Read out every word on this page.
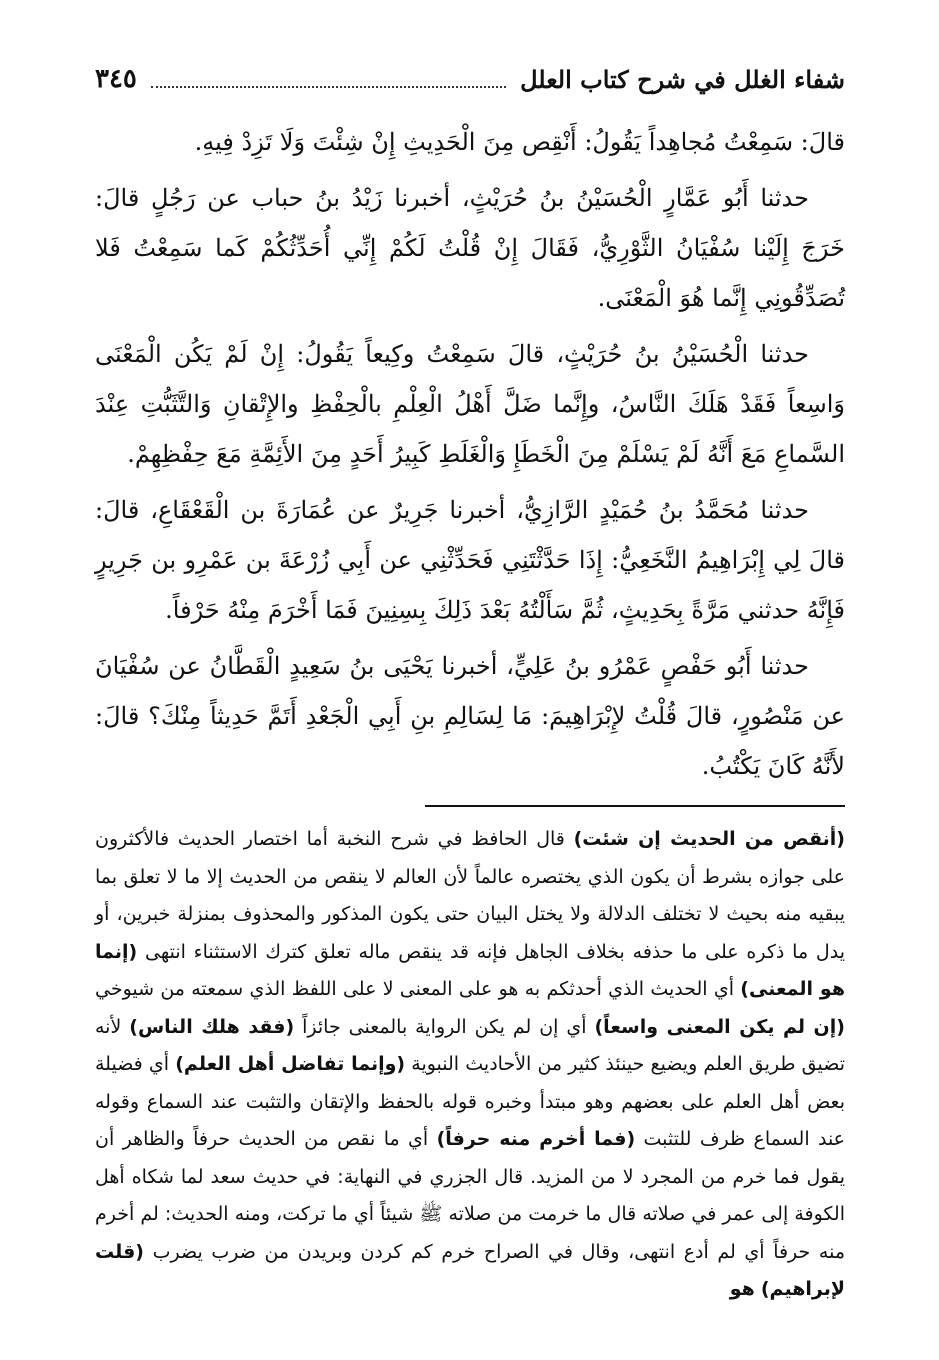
شفاء الغلل في شرح كتاب العلل
٣٤٥

قالَ: سَمِعْتُ مُجاهِداً يَقُولُ: أَنْقِص مِنَ الْحَدِيثِ إِنْ شِئْتَ وَلَا تَزِدْ فِيهِ.

حدثنا أَبُو عَمَّارٍ الْحُسَيْنُ بنُ حُرَيْثٍ، أخبرنا زَيْدُ بنُ حباب عن رَجُلٍ قالَ: خَرَجَ إِلَيْنا سُفْيَانُ الثَّوْرِيُّ، فَقَالَ إِنْ قُلْتُ لَكُمْ إِنِّي أُحَدِّثُكُمْ كَما سَمِعْتُ فَلا تُصَدِّقُونِي إِنَّما هُوَ الْمَعْنَى.

حدثنا الْحُسَيْنُ بنُ حُرَيْثٍ، قالَ سَمِعْتُ وكِيعاً يَقُولُ: إِنْ لَمْ يَكُن الْمَعْنَى وَاسِعاً فَقَدْ هَلَكَ النَّاسُ، وإِنَّما ضَلَّ أَهْلُ الْعِلْمِ بالْحِفْظِ والإِتْقانِ وَالتَّثَبُّتِ عِنْدَ السَّماعِ مَعَ أَنَّهُ لَمْ يَسْلَمْ مِنَ الْخَطَإِ وَالْغَلَطِ كَبِيرُ أَحَدٍ مِنَ الأَئِمَّةِ مَعَ حِفْظِهِمْ.

حدثنا مُحَمَّدُ بنُ حُمَيْدٍ الرَّازِيُّ، أخبرنا جَرِيرٌ عن عُمَارَةَ بن الْقَعْقَاعِ، قالَ: قالَ لِي إِبْرَاهِيمُ النَّخَعِيُّ: إِذَا حَدَّثْتَنِي فَحَدِّثْنِي عن أَبِي زُرْعَةَ بن عَمْرِو بن جَرِيرٍ فَإِنَّهُ حدثني مَرَّةً بِحَدِيثٍ، ثُمَّ سَأَلْتُهُ بَعْدَ ذَلِكَ بِسِنِينَ فَمَا أَخْرَمَ مِنْهُ حَرْفاً.

حدثنا أَبُو حَفْصٍ عَمْرُو بنُ عَلِيٍّ، أخبرنا يَحْيَى بنُ سَعِيدٍ الْقَطَّانُ عن سُفْيَانَ عن مَنْصُورٍ، قالَ قُلْتُ لإِبْرَاهِيمَ: مَا لِسَالِمِ بنِ أَبِي الْجَعْدِ أَتَمَّ حَدِيثاً مِنْكَ؟ قالَ: لأَنَّهُ كَانَ يَكْتُبُ.

(أنقص من الحديث إن شئت) قال الحافظ في شرح النخبة أما اختصار الحديث فالأكثرون على جوازه بشرط أن يكون الذي يختصره عالماً لأن العالم لا ينقص من الحديث إلا ما لا تعلق بما يبقيه منه بحيث لا تختلف الدلالة ولا يختل البيان حتى يكون المذكور والمحذوف بمنزلة خبرين، أو يدل ما ذكره على ما حذفه بخلاف الجاهل فإنه قد ينقص ماله تعلق كترك الاستثناء انتهى (إنما هو المعنى) أي الحديث الذي أحدثكم به هو على المعنى لا على اللفظ الذي سمعته من شيوخي (إن لم يكن المعنى واسعاً) أي إن لم يكن الرواية بالمعنى جائزاً (فقد هلك الناس) لأنه تضيق طريق العلم ويضيع حينئذ كثير من الأحاديث النبوية (وإنما تفاضل أهل العلم) أي فضيلة بعض أهل العلم على بعضهم وهو مبتدأ وخبره قوله بالحفظ والإتقان والتثبت عند السماع وقوله عند السماع ظرف للتثبت (فما أخرم منه حرفاً) أي ما نقص من الحديث حرفاً والظاهر أن يقول فما خرم من المجرد لا من المزيد. قال الجزري في النهاية: في حديث سعد لما شكاه أهل الكوفة إلى عمر في صلاته قال ما خرمت من صلاته ﷺ شيئاً أي ما تركت، ومنه الحديث: لم أخرم منه حرفاً أي لم أدع انتهى، وقال في الصراح خرم كم كردن وبريدن من ضرب يضرب (قلت لإبراهيم) هو
